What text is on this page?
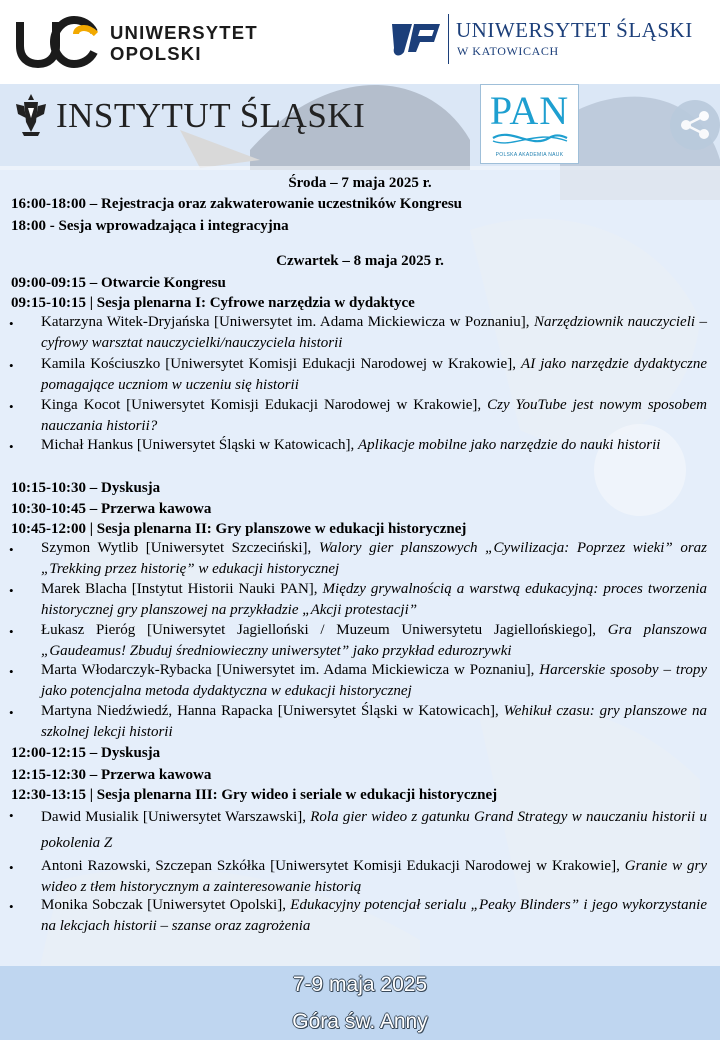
UNIWERSYTET
OPOLSKI
UNIWERSYTET ŚLĄSKI
W KATOWICACH
INSTYTUT ŚLĄSKI	PAN
POLSKA AKADEMIA NAUK
Środa – 7 maja 2025 r.
16:00-18:00 – Rejestracja oraz zakwaterowanie uczestników Kongresu
18:00 - Sesja wprowadzająca i integracyjna
Czwartek – 8 maja 2025 r.
09:00-09:15 – Otwarcie Kongresu
09:15-10:15 | Sesja plenarna I: Cyfrowe narzędzia w dydaktyce
• Katarzyna Witek-Dryjańska [Uniwersytet im. Adama Mickiewicza w Poznaniu], Narzędziownik nauczycieli – cyfrowy warsztat nauczycielki/nauczyciela historii
• Kamila Kościuszko [Uniwersytet Komisji Edukacji Narodowej w Krakowie], AI jako narzędzie dydaktyczne pomagające uczniom w uczeniu się historii
• Kinga Kocot [Uniwersytet Komisji Edukacji Narodowej w Krakowie], Czy YouTube jest nowym sposobem nauczania historii?
• Michał Hankus [Uniwersytet Śląski w Katowicach], Aplikacje mobilne jako narzędzie do nauki historii
10:15-10:30 – Dyskusja
10:30-10:45 – Przerwa kawowa
10:45-12:00 | Sesja plenarna II: Gry planszowe w edukacji historycznej
• Szymon Wytlib [Uniwersytet Szczeciński], Walory gier planszowych „Cywilizacja: Poprzez wieki” oraz „Trekking przez historię” w edukacji historycznej
• Marek Blacha [Instytut Historii Nauki PAN], Między grywalnością a warstwą edukacyjną: proces tworzenia historycznej gry planszowej na przykładzie „Akcji protestacji”
• Łukasz Pieróg [Uniwersytet Jagielloński / Muzeum Uniwersytetu Jagiellońskiego], Gra planszowa „Gaudeamus! Zbuduj średniowieczny uniwersytet” jako przykład edurozrywki
• Marta Włodarczyk-Rybacka [Uniwersytet im. Adama Mickiewicza w Poznaniu], Harcerskie sposoby – tropy jako potencjalna metoda dydaktyczna w edukacji historycznej
• Martyna Niedźwiedź, Hanna Rapacka [Uniwersytet Śląski w Katowicach], Wehikuł czasu: gry planszowe na szkolnej lekcji historii
12:00-12:15 – Dyskusja
12:15-12:30 – Przerwa kawowa
12:30-13:15 | Sesja plenarna III: Gry wideo i seriale w edukacji historycznej
• Dawid Musialik [Uniwersytet Warszawski], Rola gier wideo z gatunku Grand Strategy w nauczaniu historii u pokolenia Z
• Antoni Razowski, Szczepan Szkółka [Uniwersytet Komisji Edukacji Narodowej w Krakowie], Granie w gry wideo z tłem historycznym a zainteresowanie historią
• Monika Sobczak [Uniwersytet Opolski], Edukacyjny potencjał serialu „Peaky Blinders” i jego wykorzystanie na lekcjach historii – szanse oraz zagrożenia
7-9 maja 2025
Góra św. Anny
